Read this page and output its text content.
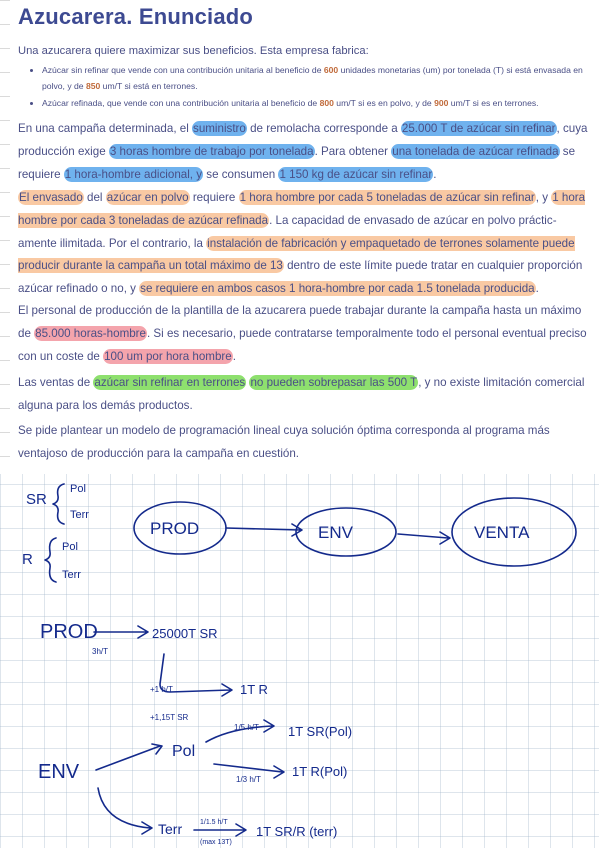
Azucarera. Enunciado

Una azucarera quiere maximizar sus beneficios. Esta empresa fabrica:

• Azúcar sin refinar que vende con una contribución unitaria al beneficio de 600 unidades monetarias (um) por tonelada (T) si está envasada en polvo, y de 850 um/T si está en terrones.
• Azúcar refinada, que vende con una contribución unitaria al beneficio de 800 um/T si es en polvo, y de 900 um/T si es en terrones.

En una campaña determinada, el suministro de remolacha corresponde a 25.000 T de azúcar sin refinar, cuya producción exige 3 horas hombre de trabajo por tonelada. Para obtener una tonelada de azúcar refinada se requiere 1 hora-hombre adicional, y se consumen 1 150 kg de azúcar sin refinar.

El envasado del azúcar en polvo requiere 1 hora hombre por cada 5 toneladas de azúcar sin refinar, y 1 hora hombre por cada 3 toneladas de azúcar refinada. La capacidad de envasado de azúcar en polvo prácticamente ilimitada. Por el contrario, la instalación de fabricación y empaquetado de terrones solamente puede producir durante la campaña un total máximo de 13 dentro de este límite puede tratar en cualquier proporción azúcar refinado o no, y se requiere en ambos casos 1 hora-hombre por cada 1.5 tonelada producida.

El personal de producción de la plantilla de la azucarera puede trabajar durante la campaña hasta un máximo de 85.000 horas-hombre. Si es necesario, puede contratarse temporalmente todo el personal eventual preciso con un coste de 100 um por hora hombre.

Las ventas de azúcar sin refinar en terrones no pueden sobrepasar las 500 T, y no existe limitación comercial alguna para los demás productos.

Se pide plantear un modelo de programación lineal cuya solución óptima corresponda al programa más ventajoso de producción para la campaña en cuestión.

SR
Pol
Terr
R
Pol
Terr
PROD	ENV	VENTA
PROD
3h/T
25000T SR
+1 h/T
+1,15T SR
1T R
ENV
Pol
1/5 h/T 1T SR(Pol)
1/3 h/T
1T R(Pol)
Terr	1/1.5 h/T
(max 13T)
1T SR/R (terr)
